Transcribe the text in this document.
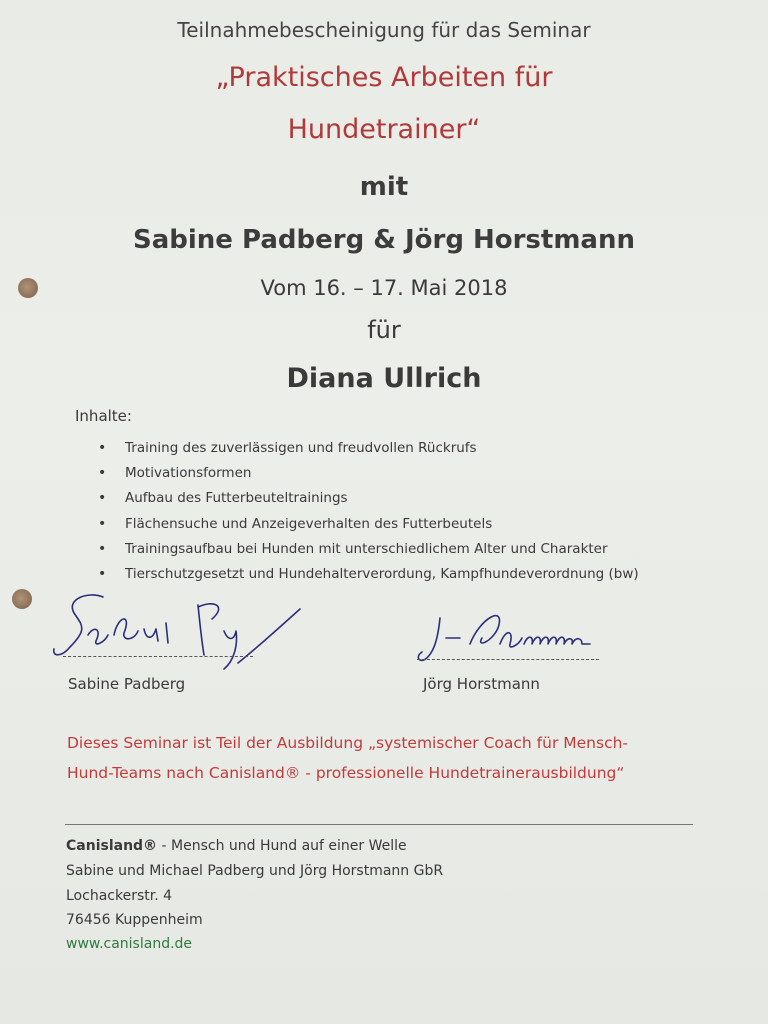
Teilnahmebescheinigung für das Seminar
„Praktisches Arbeiten für
Hundetrainer“
mit
Sabine Padberg & Jörg Horstmann
Vom 16. – 17. Mai 2018
für
Diana Ullrich
Inhalte:
• Training des zuverlässigen und freudvollen Rückrufs
• Motivationsformen
• Aufbau des Futterbeuteltrainings
• Flächensuche und Anzeigeverhalten des Futterbeutels
• Trainingsaufbau bei Hunden mit unterschiedlichem Alter und Charakter
• Tierschutzgesetzt und Hundehalterverordung, Kampfhundeverordnung (bw)
Sabine Padberg	Jörg Horstmann
Dieses Seminar ist Teil der Ausbildung „systemischer Coach für Mensch-
Hund-Teams nach Canisland® - professionelle Hundetrainerausbildung“
Canisland® - Mensch und Hund auf einer Welle
Sabine und Michael Padberg und Jörg Horstmann GbR
Lochackerstr. 4
76456 Kuppenheim
www.canisland.de
